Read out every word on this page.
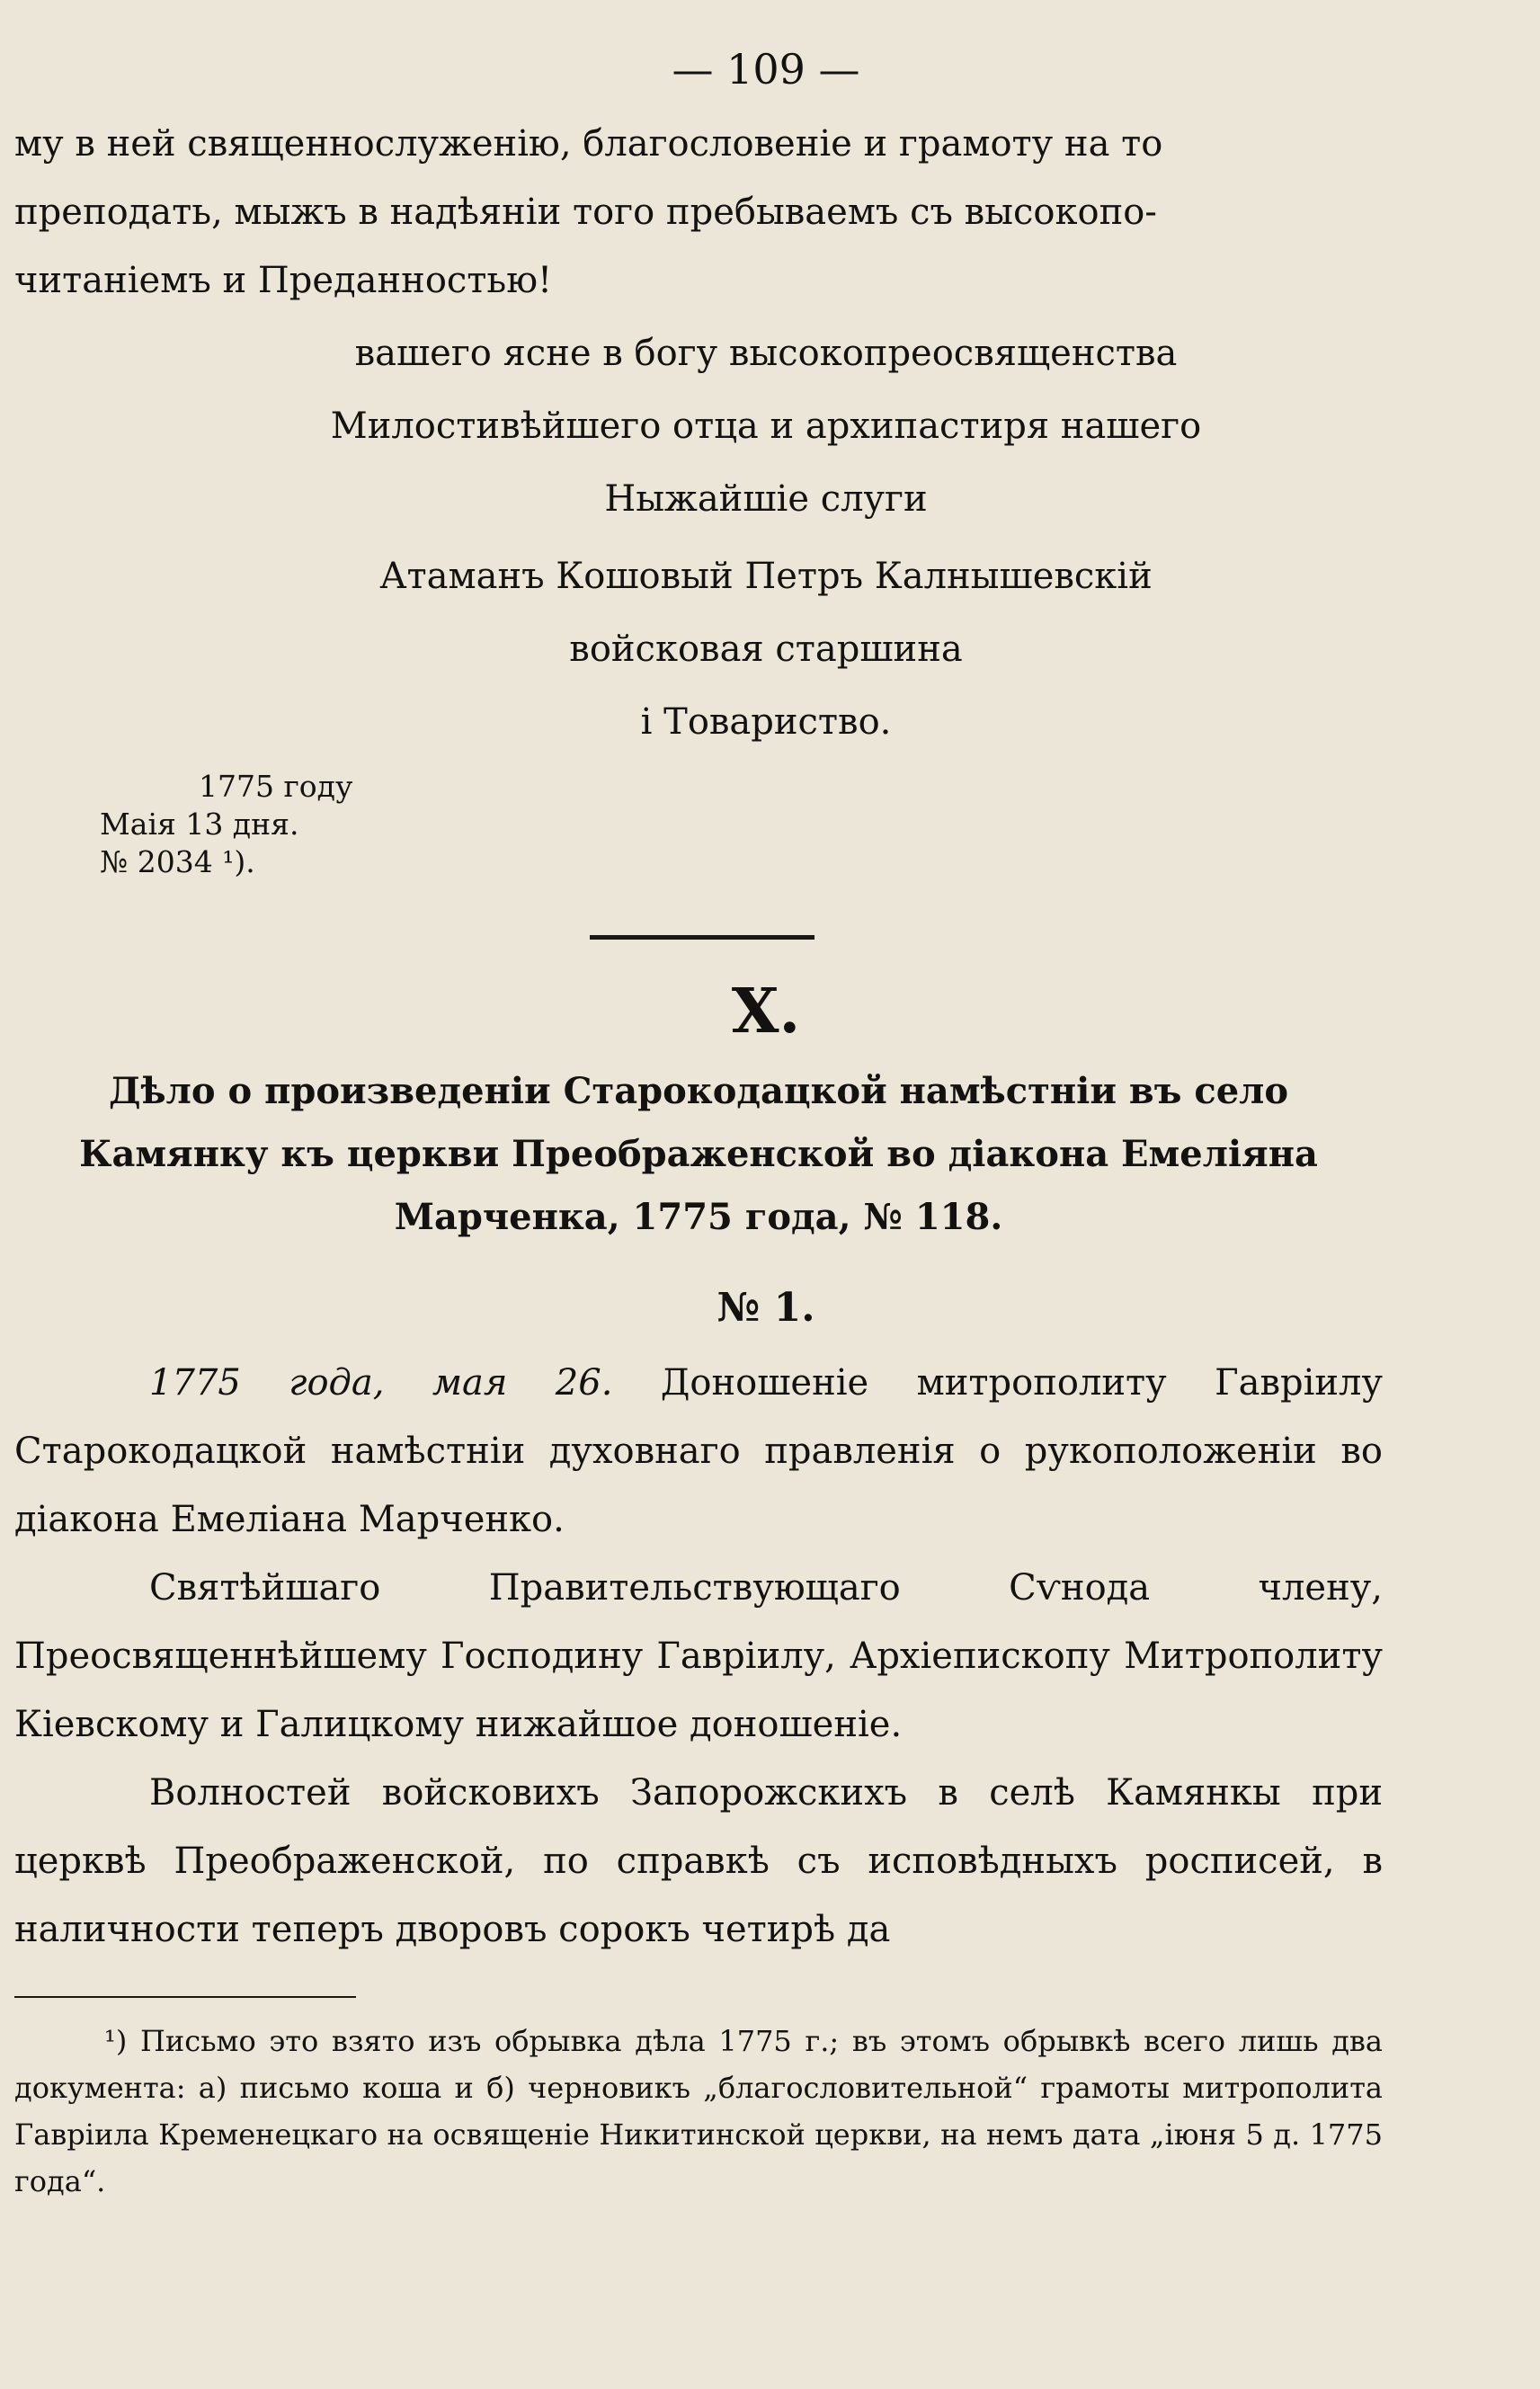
— 109 —

му в ней священнослуженію, благословеніе и грамоту на то
преподать, мыжъ в надѣяніи того пребываемъ съ высокопо-
читаніемъ и Преданностью!

вашего ясне в богу высокопреосвященства

Милостивѣйшего отца и архипастиря нашего

Ныжайшіе слуги

Атаманъ Кошовый Петръ Калнышевскій

войсковая старшина

і Товариство.

1775 году
Маія 13 дня.
№ 2034 ¹).
X.

Дѣло о произведеніи Старокодацкой намѣстніи въ село Камянку къ церкви Преображенской во діакона Емеліяна Марченка, 1775 года, № 118.

№ 1.

1775 года, мая 26. Доношеніе митрополиту Гавріилу Старокодацкой намѣстніи духовнаго правленія о рукоположеніи во діакона Емеліана Марченко.

Святѣйшаго Правительствующаго Сѵнода члену, Преосвященнѣйшему Господину Гавріилу, Архіепископу Митрополиту Кіевскому и Галицкому нижайшое доношеніе.

Волностей войсковихъ Запорожскихъ в селѣ Камянкы при церквѣ Преображенской, по справкѣ съ исповѣдныхъ росписей, в наличности теперъ дворовъ сорокъ четирѣ да

¹) Письмо это взято изъ обрывка дѣла 1775 г.; въ этомъ обрывкѣ всего лишь два документа: а) письмо коша и б) черновикъ „благословительной“ грамоты митрополита Гавріила Кременецкаго на освященіе Никитинской церкви, на немъ дата „іюня 5 д. 1775 года“.
